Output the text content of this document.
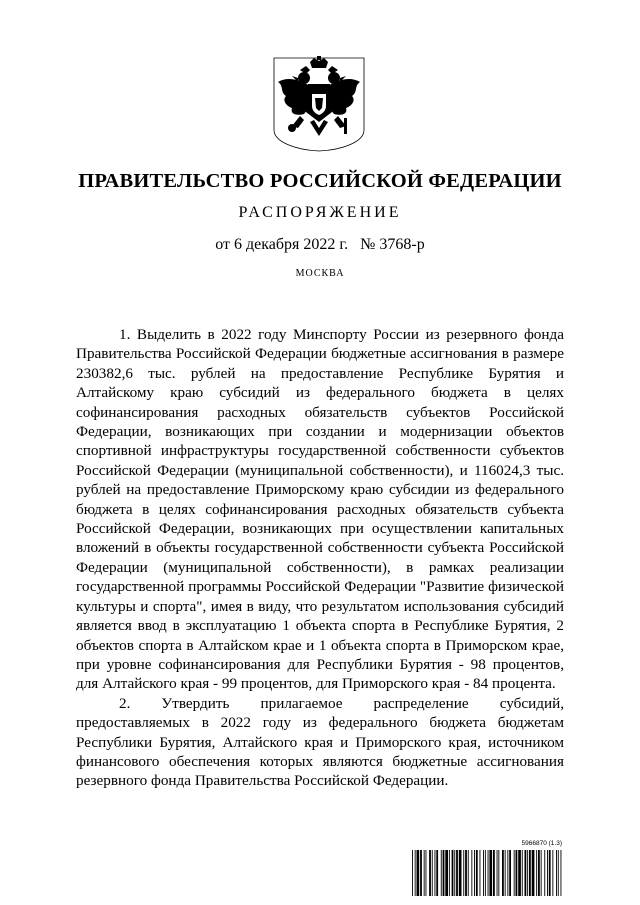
ПРАВИТЕЛЬСТВО РОССИЙСКОЙ ФЕДЕРАЦИИ
РАСПОРЯЖЕНИЕ
от 6 декабря 2022 г. № 3768-р
МОСКВА

1. Выделить в 2022 году Минспорту России из резервного фонда Правительства Российской Федерации бюджетные ассигнования в размере 230382,6 тыс. рублей на предоставление Республике Бурятия и Алтайскому краю субсидий из федерального бюджета в целях софинансирования расходных обязательств субъектов Российской Федерации, возникающих при создании и модернизации объектов спортивной инфраструктуры государственной собственности субъектов Российской Федерации (муниципальной собственности), и 116024,3 тыс. рублей на предоставление Приморскому краю субсидии из федерального бюджета в целях софинансирования расходных обязательств субъекта Российской Федерации, возникающих при осуществлении капитальных вложений в объекты государственной собственности субъекта Российской Федерации (муниципальной собственности), в рамках реализации государственной программы Российской Федерации "Развитие физической культуры и спорта", имея в виду, что результатом использования субсидий является ввод в эксплуатацию 1 объекта спорта в Республике Бурятия, 2 объектов спорта в Алтайском крае и 1 объекта спорта в Приморском крае, при уровне софинансирования для Республики Бурятия - 98 процентов, для Алтайского края - 99 процентов, для Приморского края - 84 процента.

2. Утвердить прилагаемое распределение субсидий, предоставляемых в 2022 году из федерального бюджета бюджетам Республики Бурятия, Алтайского края и Приморского края, источником финансового обеспечения которых являются бюджетные ассигнования резервного фонда Правительства Российской Федерации.

5966870 (1.3)
